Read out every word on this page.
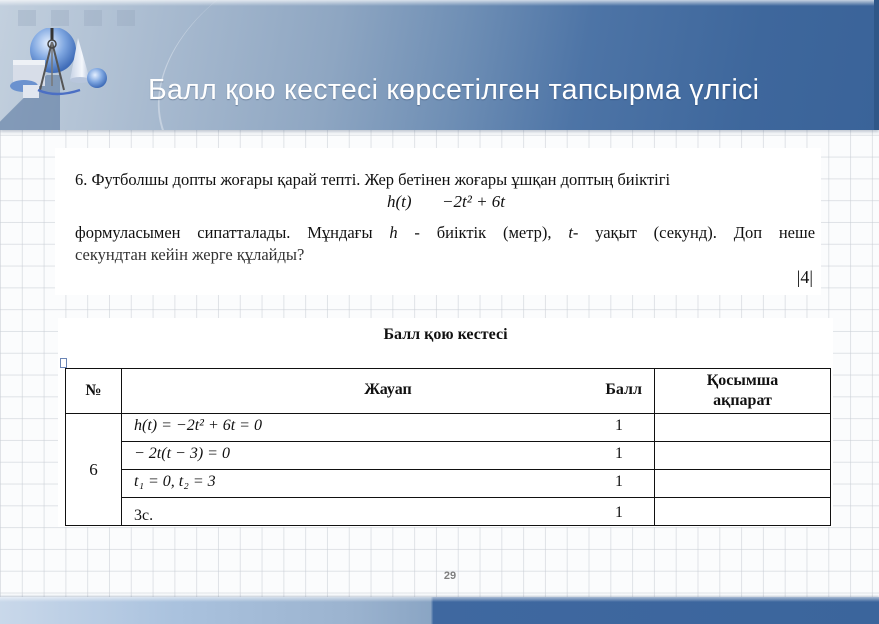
Балл қою кестесі көрсетілген тапсырма үлгісі
6. Футболшы допты жоғары қарай тепті. Жер бетінен жоғары ұшқан доптың биіктігі
h(t) −2t² + 6t
формуласымен сипатталады. Мұндағы h - биіктік (метр), t- уақыт (секунд). Доп неше
секундтан кейін жерге құлайды?
|4|
Балл қою кестесі
№	Жауап Балл	Қосымша ақпарат

6	h(t) = −2t² + 6t = 0 1	

	− 2t(t − 3) = 0 1	

	t₁ = 0, t₂ = 3 1	

	3с. 1	

29
